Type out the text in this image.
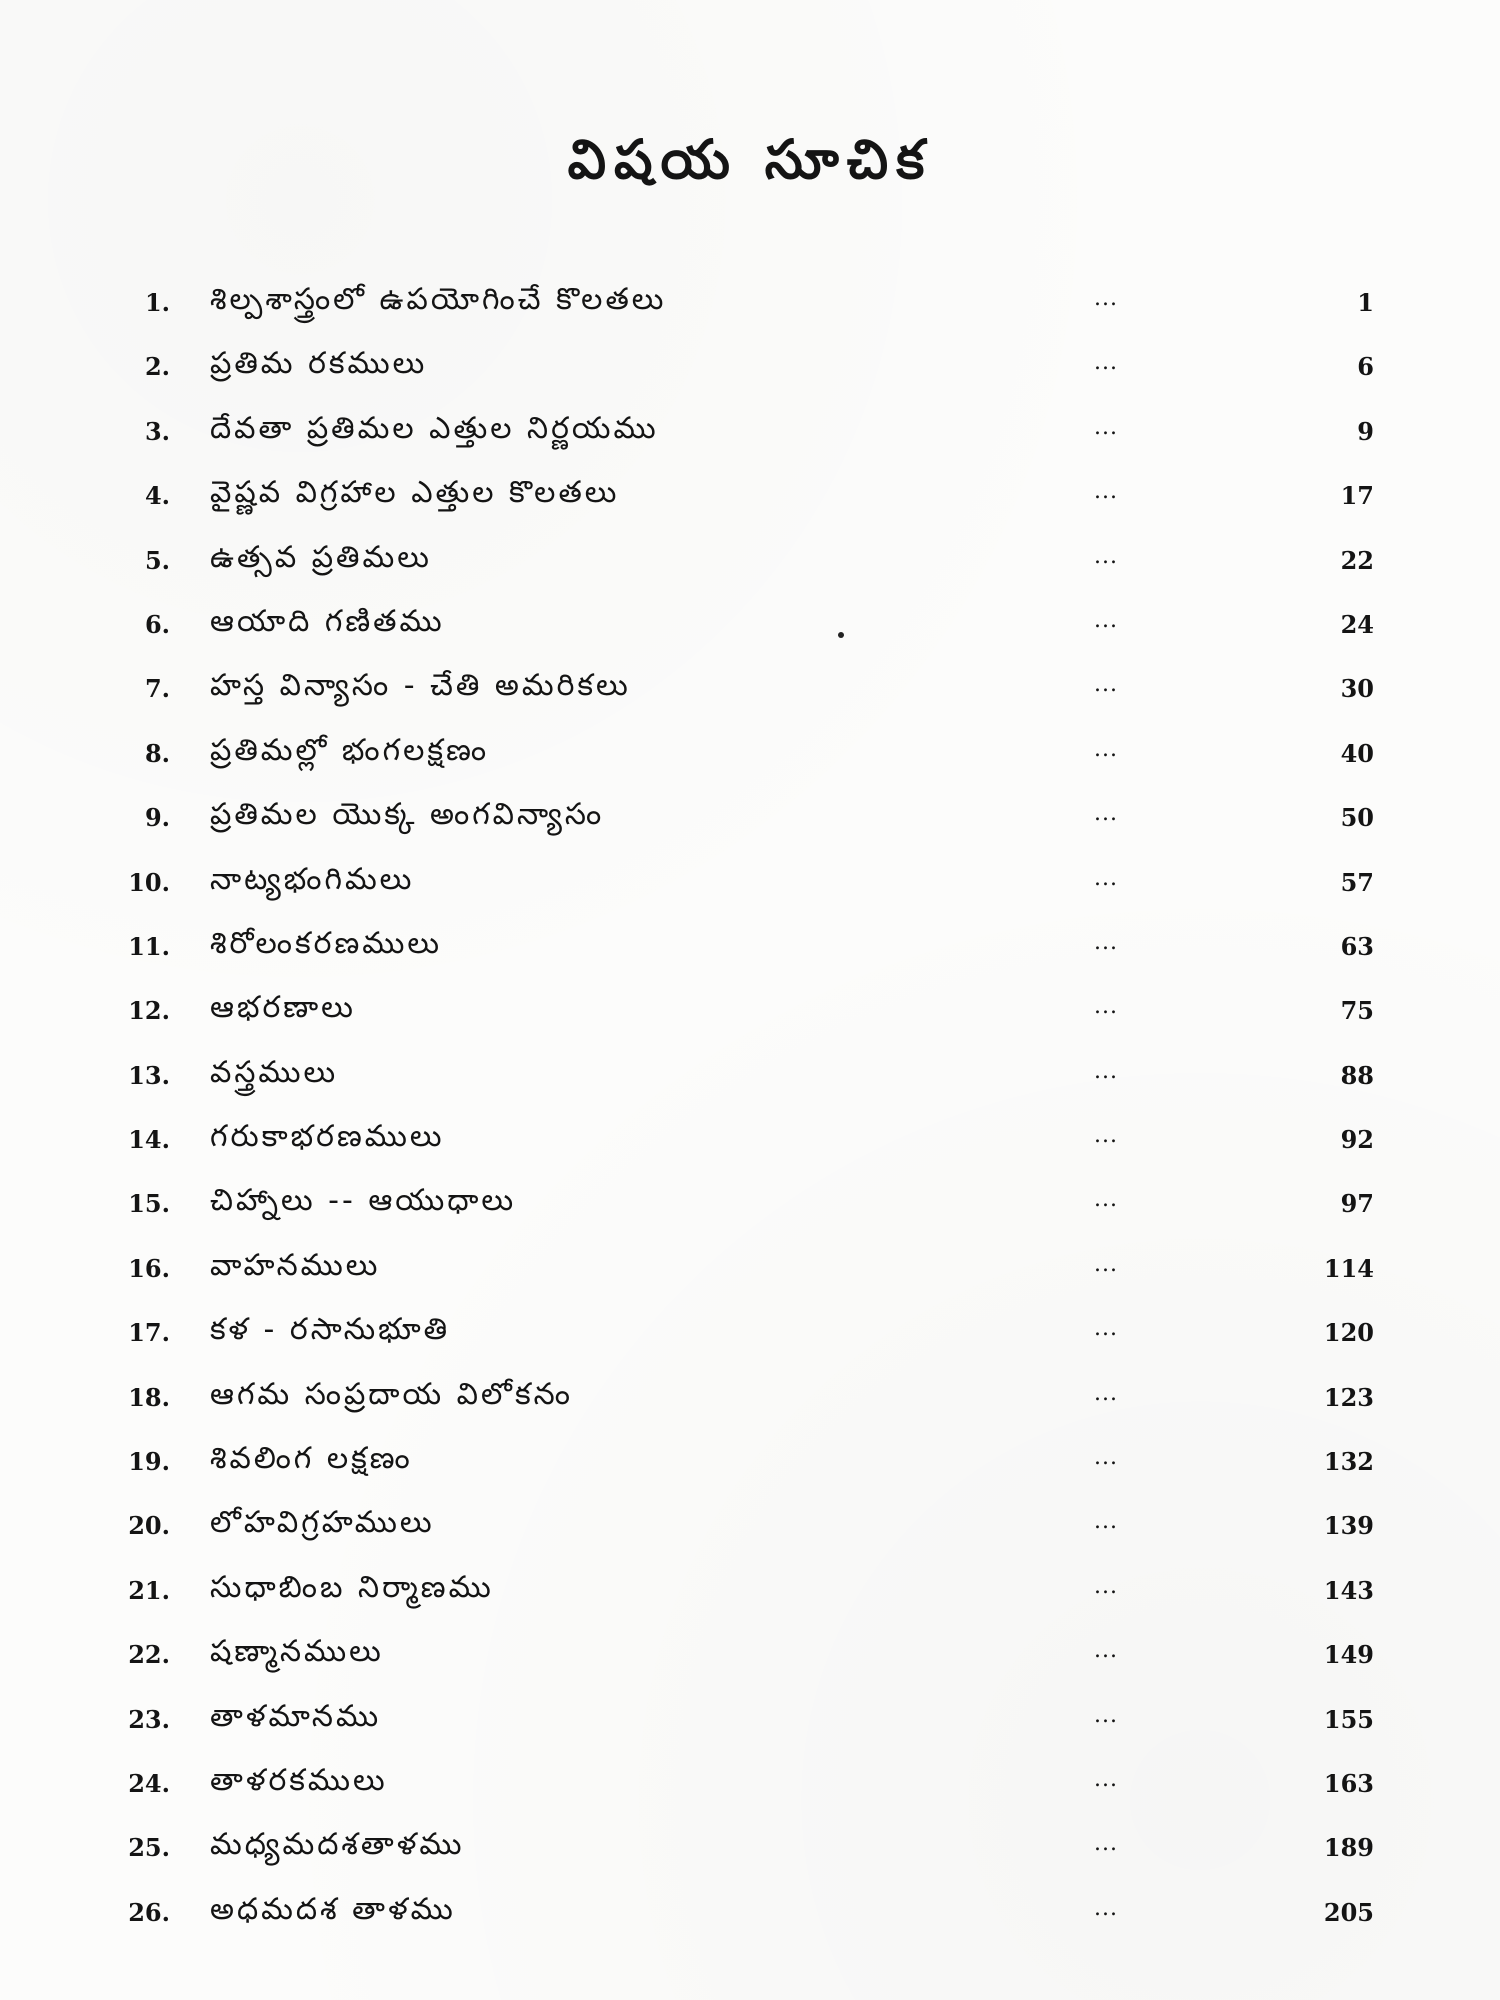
విషయ సూచిక
1. శిల్పశాస్త్రంలో ఉపయోగించే కొలతలు	...	1
2. ప్రతిమ రకములు	...	6
3. దేవతా ప్రతిమల ఎత్తుల నిర్ణయము	...	9
4. వైష్ణవ విగ్రహాల ఎత్తుల కొలతలు	...	17
5. ఉత్సవ ప్రతిమలు	...	22
6. ఆయాది గణితము	...	24
7. హస్త విన్యాసం - చేతి అమరికలు	...	30
8. ప్రతిమల్లో భంగలక్షణం	...	40
9. ప్రతిమల యొక్క అంగవిన్యాసం	...	50
10. నాట్యభంగిమలు	...	57
11. శిరోలంకరణములు	...	63
12. ఆభరణాలు	...	75
13. వస్త్రములు	...	88
14. గరుకాభరణములు	...	92
15. చిహ్నాలు -- ఆయుధాలు	...	97
16. వాహనములు	...	114
17. కళ - రసానుభూతి	...	120
18. ఆగమ సంప్రదాయ విలోకనం	...	123
19. శివలింగ లక్షణం	...	132
20. లోహవిగ్రహములు	...	139
21. సుధాబింబ నిర్మాణము	...	143
22. షణ్మానములు	...	149
23. తాళమానము	...	155
24. తాళరకములు	...	163
25. మధ్యమదశతాళము	...	189
26. అధమదశ తాళము	...	205
